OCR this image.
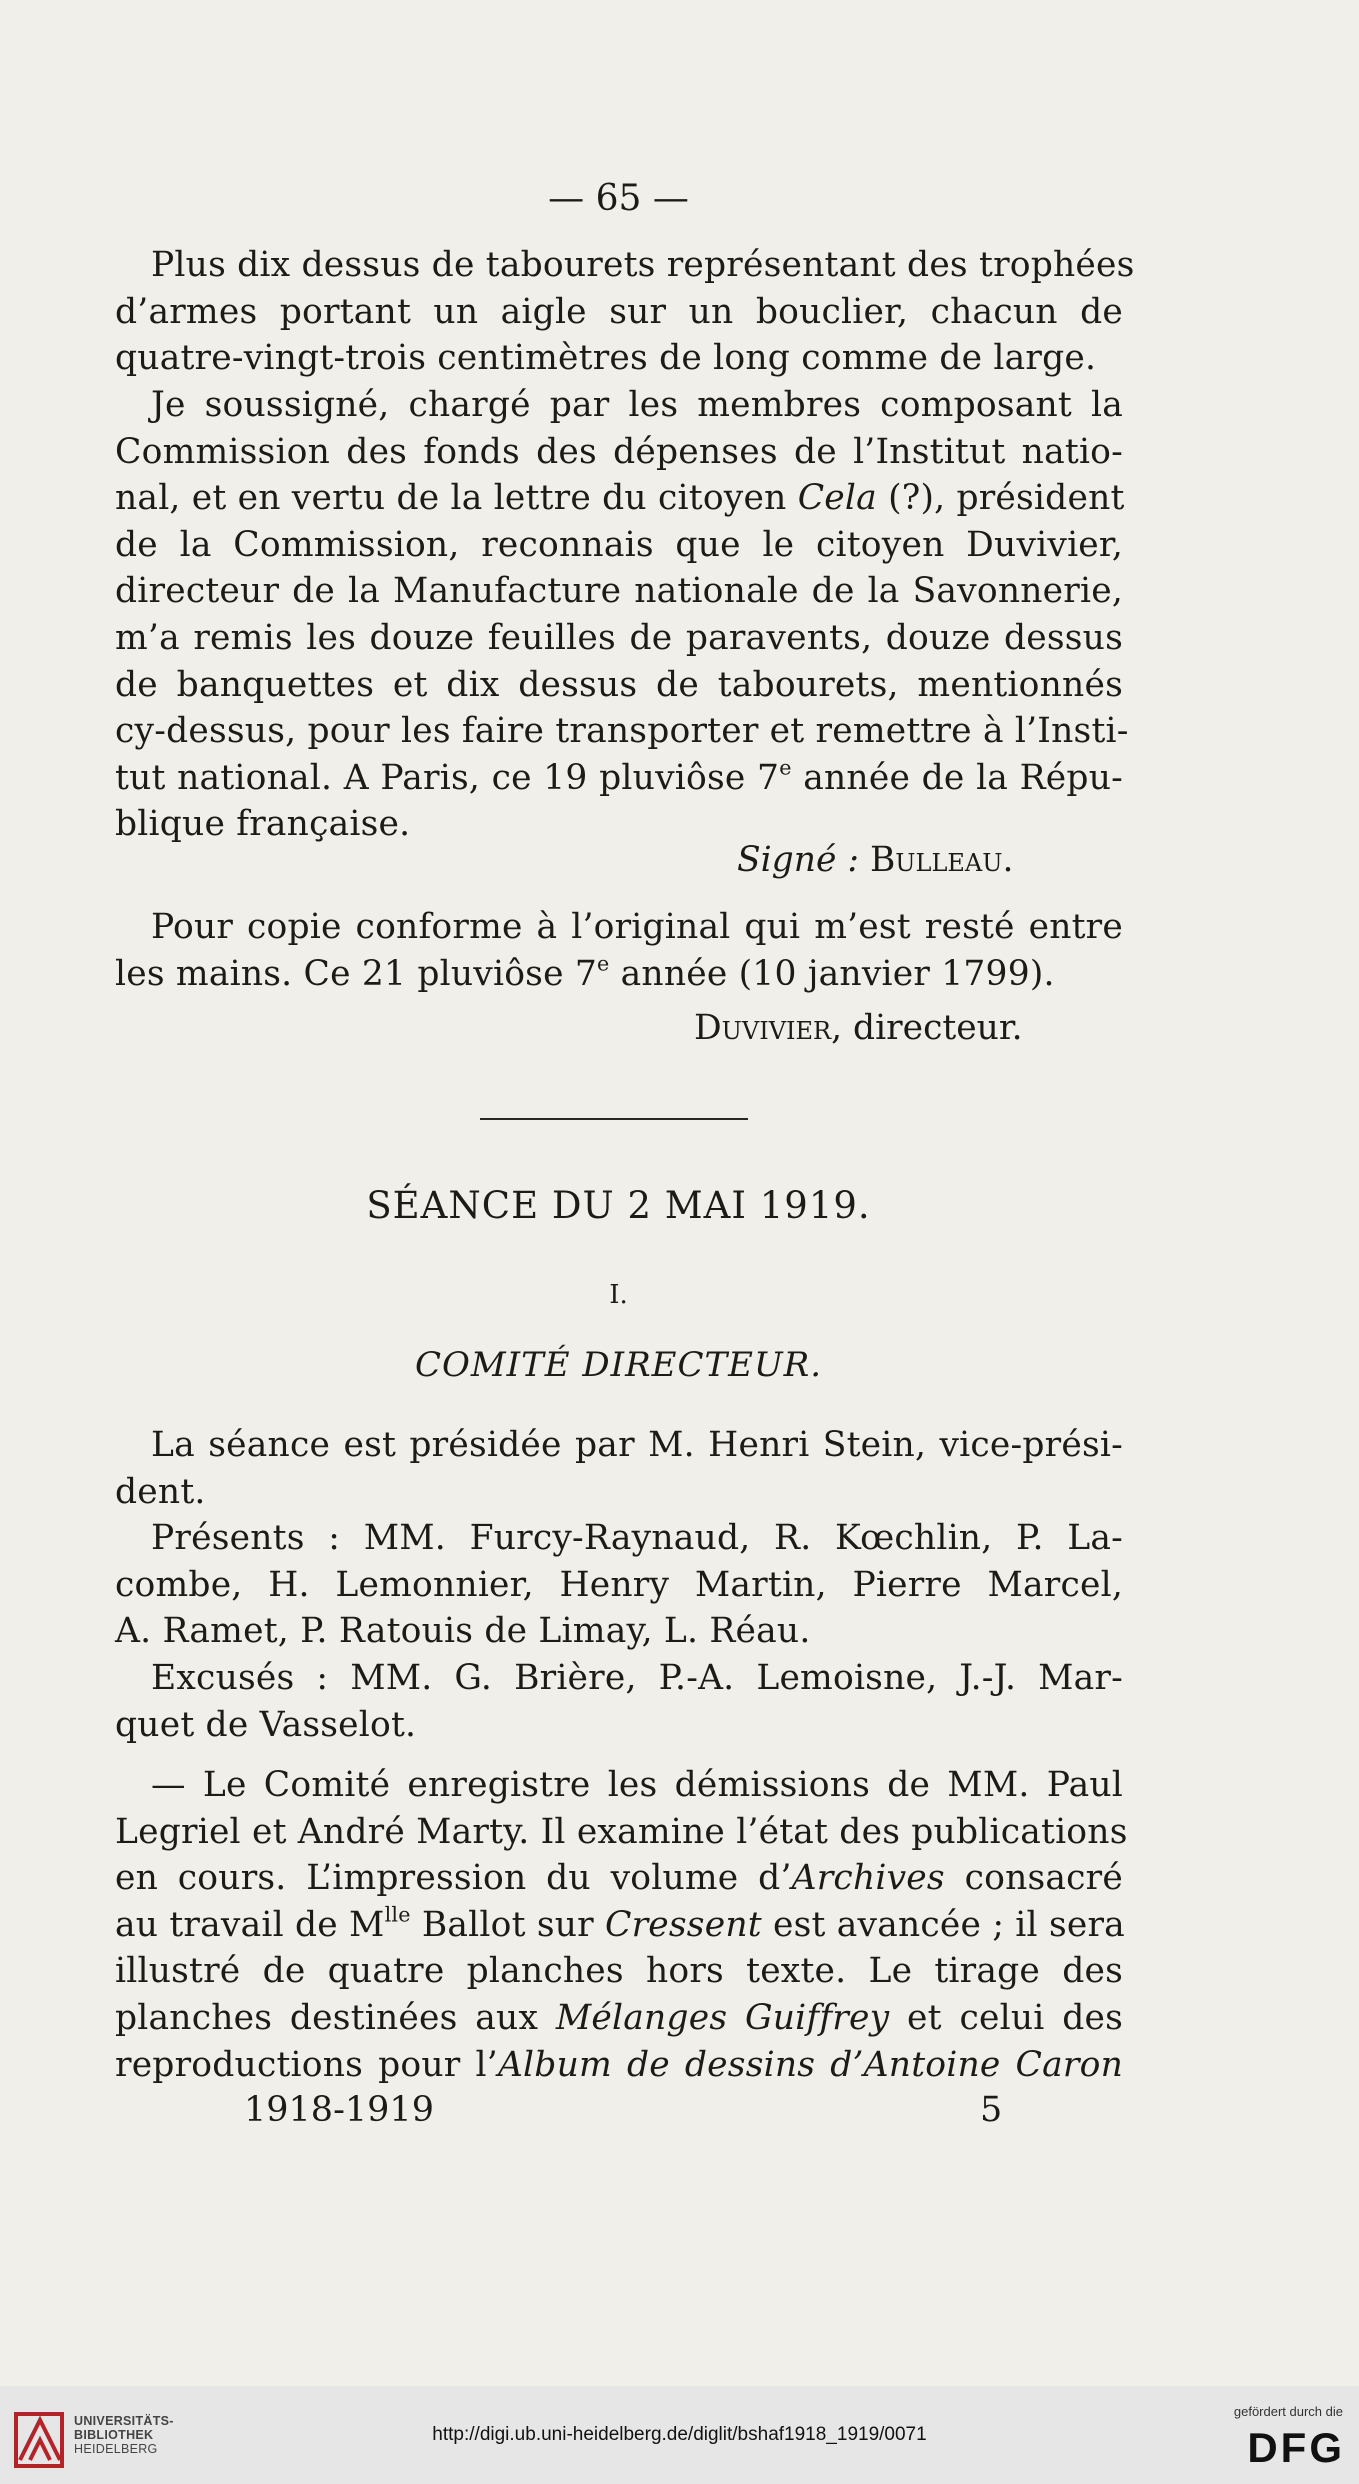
— 65 —
Plus dix dessus de tabourets représentant des trophées
d’armes portant un aigle sur un bouclier, chacun de
quatre-vingt-trois centimètres de long comme de large.
Je soussigné, chargé par les membres composant la
Commission des fonds des dépenses de l’Institut natio-
nal, et en vertu de la lettre du citoyen Cela (?), président
de la Commission, reconnais que le citoyen Duvivier,
directeur de la Manufacture nationale de la Savonnerie,
m’a remis les douze feuilles de paravents, douze dessus
de banquettes et dix dessus de tabourets, mentionnés
cy-dessus, pour les faire transporter et remettre à l’Insti-
tut national. A Paris, ce 19 pluviôse 7e année de la Répu-
blique française.
Signé : Bulleau.
Pour copie conforme à l’original qui m’est resté entre
les mains. Ce 21 pluviôse 7e année (10 janvier 1799).
Duvivier, directeur.
SÉANCE DU 2 MAI 1919.
I.
COMITÉ DIRECTEUR.
La séance est présidée par M. Henri Stein, vice-prési-
dent.
Présents : MM. Furcy-Raynaud, R. Kœchlin, P. La-
combe, H. Lemonnier, Henry Martin, Pierre Marcel,
A. Ramet, P. Ratouis de Limay, L. Réau.
Excusés : MM. G. Brière, P.-A. Lemoisne, J.-J. Mar-
quet de Vasselot.
— Le Comité enregistre les démissions de MM. Paul
Legriel et André Marty. Il examine l’état des publications
en cours. L’impression du volume d’Archives consacré
au travail de $M^{lle}$ Ballot sur Cressent est avancée ; il sera
illustré de quatre planches hors texte. Le tirage des
planches destinées aux Mélanges Guiffrey et celui des
reproductions pour l’Album de dessins d’Antoine Caron
1918-1919	5
UNIVERSITÄTS-
BIBLIOTHEK
HEIDELBERG
http://digi.ub.uni-heidelberg.de/diglit/bshaf1918_1919/0071
gefördert durch die
DFG
